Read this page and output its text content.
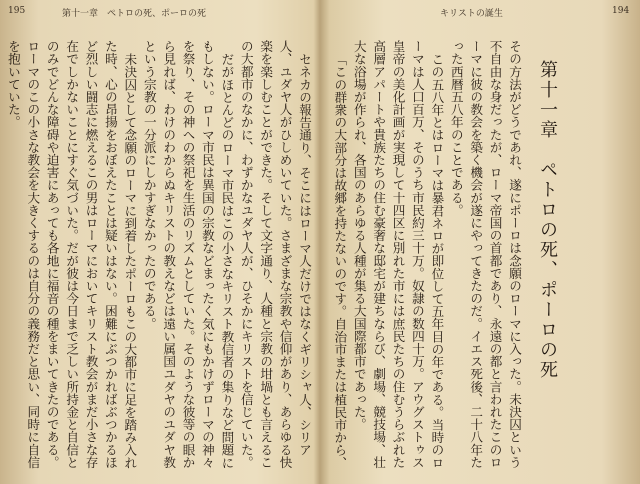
195	第十一章　ペトロの死、ポーロの死

セネカの報告通り、そこにはローマ人だけではなくギリシャ人、シリア人、ユダヤ人がひしめいていた。さまざまな宗教や信仰があり、あらゆる快楽を楽しむことができた。そして文字通り、人種と宗教の坩堝とも言えるこの大都市のなかに、わずかなユダヤ人が、ひそかにキリストを信じていた。

だがほとんどのローマ市民はこの小さなキリスト教信者の集りなど問題にもしない。ローマ市民は異国の宗教などまったく気にもかけずローマの神々を祭り、その神への祭祀を生活のリズムとしていた。そのような彼等の眼から見れば、わけのわからぬキリストの教えなどは遠い属国ユダヤのユダヤ教という宗教の一分派にしかすぎなかったのである。

未決囚として念願のローマに到着したポーロもこの大都市に足を踏み入れた時、心の昂揚をおぼえたことは疑いはない。困難にぶつかればぶつかるほど烈しい闘志に燃えるこの男はローマにおいてキリスト教会がまだ小さな存在でしかないことにすぐ気づいた。だが彼は今日まで乏しい所持金と自信とのみでどんな障碍や迫害にあっても各地に福音の種をまいてきたのである。ローマのこの小さな教会を大きくするのは自分の義務だと思い、同時に自信を抱いていた。

キリストの誕生	194

その方法がどうであれ、遂にポーロは念願のローマに入った。未決囚という不自由な身だったが、ローマ帝国の首都であり、永遠の都と言われたこのローマに彼の教会を築く機会が遂にやってきたのだ。イエス死後、二十八年たった西暦五八年のことである。

この五八年とはローマは暴君ネロが即位して五年目の年である。当時のローマは人口百万、そのうち市民約三十万。奴隷の数四十万。アウグストゥス皇帝の美化計画が実現して十四区に別れた市には庶民たちの住むうらぶれた高層アパートや貴族たちの住む豪奢な邸宅が建ちならび、劇場、競技場、壮大な浴場が作られ、各国のあらゆる人種が集る大国際都市であった。

「この群衆の大部分は故郷を持たないのです。自治市または植民市から、

第十一章　ペトロの死、ポーロの死
